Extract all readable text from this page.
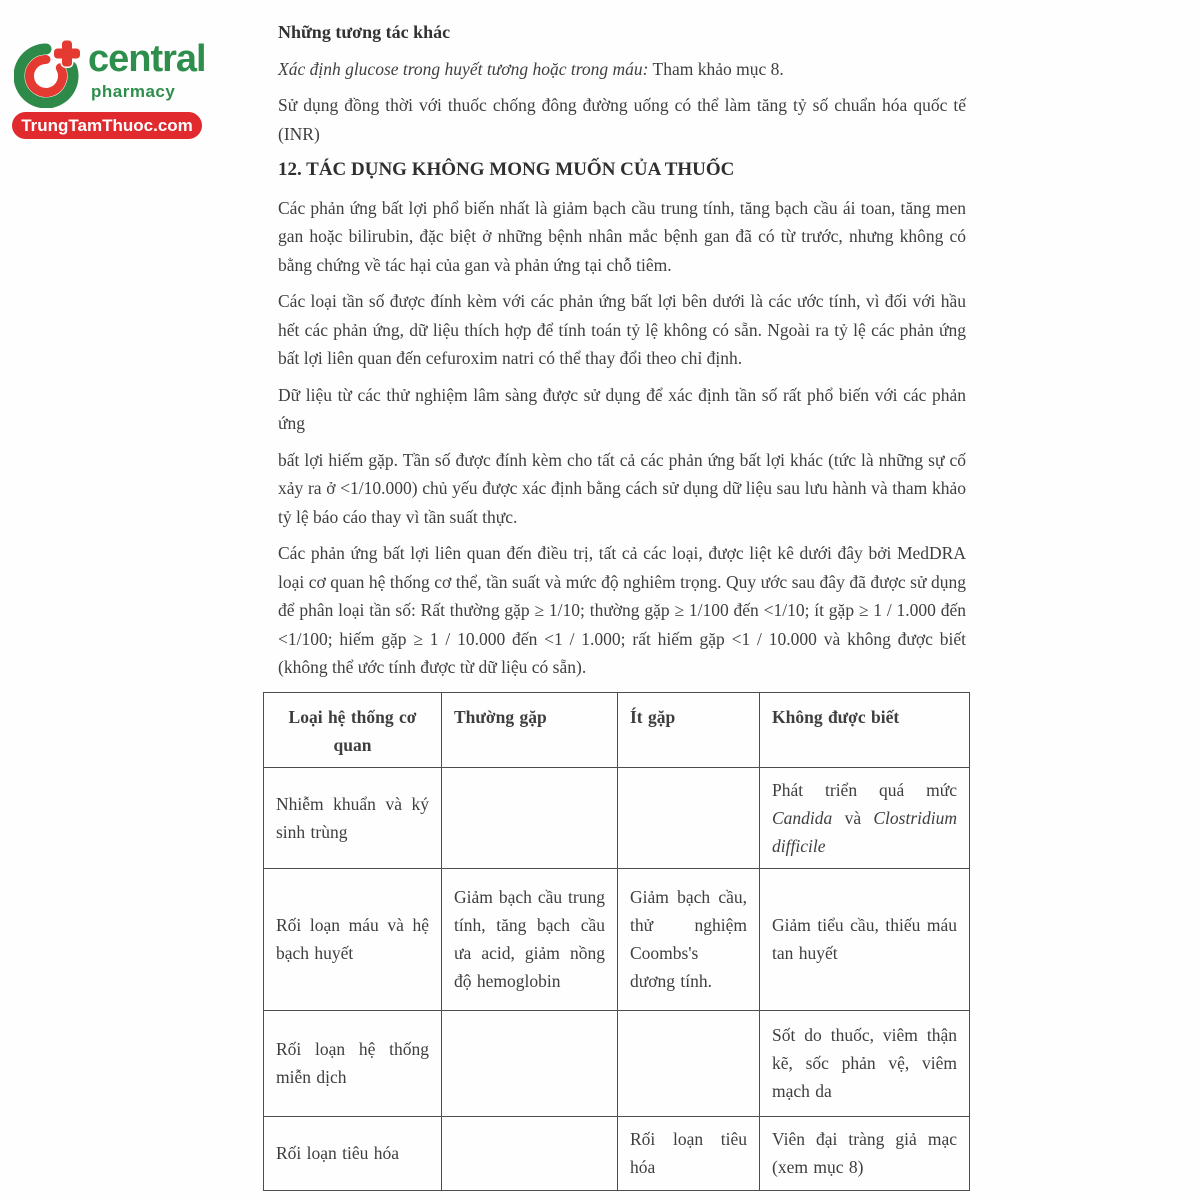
central
pharmacy
TrungTamThuoc.com
Những tương tác khác

Xác định glucose trong huyết tương hoặc trong máu: Tham khảo mục 8.

Sử dụng đồng thời với thuốc chống đông đường uống có thể làm tăng tỷ số chuẩn hóa quốc tế (INR)

12. TÁC DỤNG KHÔNG MONG MUỐN CỦA THUỐC

Các phản ứng bất lợi phổ biến nhất là giảm bạch cầu trung tính, tăng bạch cầu ái toan, tăng men gan hoặc bilirubin, đặc biệt ở những bệnh nhân mắc bệnh gan đã có từ trước, nhưng không có bằng chứng về tác hại của gan và phản ứng tại chỗ tiêm.

Các loại tần số được đính kèm với các phản ứng bất lợi bên dưới là các ước tính, vì đối với hầu hết các phản ứng, dữ liệu thích hợp để tính toán tỷ lệ không có sẵn. Ngoài ra tỷ lệ các phản ứng bất lợi liên quan đến cefuroxim natri có thể thay đổi theo chỉ định.

Dữ liệu từ các thử nghiệm lâm sàng được sử dụng để xác định tần số rất phổ biến với các phản ứng

bất lợi hiếm gặp. Tần số được đính kèm cho tất cả các phản ứng bất lợi khác (tức là những sự cố xảy ra ở <1/10.000) chủ yếu được xác định bằng cách sử dụng dữ liệu sau lưu hành và tham khảo tỷ lệ báo cáo thay vì tần suất thực.

Các phản ứng bất lợi liên quan đến điều trị, tất cả các loại, được liệt kê dưới đây bởi MedDRA loại cơ quan hệ thống cơ thể, tần suất và mức độ nghiêm trọng. Quy ước sau đây đã được sử dụng để phân loại tần số: Rất thường gặp ≥ 1/10; thường gặp ≥ 1/100 đến <1/10; ít gặp ≥ 1 / 1.000 đến <1/100; hiếm gặp ≥ 1 / 10.000 đến <1 / 1.000; rất hiếm gặp <1 / 10.000 và không được biết (không thể ước tính được từ dữ liệu có sẵn).

Loại hệ thống cơ quan	Thường gặp	Ít gặp	Không được biết
Nhiễm khuẩn và ký sinh trùng			Phát triển quá mức Candida và Clostridium difficile
Rối loạn máu và hệ bạch huyết	Giảm bạch cầu trung tính, tăng bạch cầu ưa acid, giảm nồng độ hemoglobin	Giảm bạch cầu, thử nghiệm Coombs's dương tính.	Giảm tiểu cầu, thiếu máu tan huyết
Rối loạn hệ thống miễn dịch			Sốt do thuốc, viêm thận kẽ, sốc phản vệ, viêm mạch da
Rối loạn tiêu hóa		Rối loạn tiêu hóa	Viên đại tràng giả mạc (xem mục 8)
